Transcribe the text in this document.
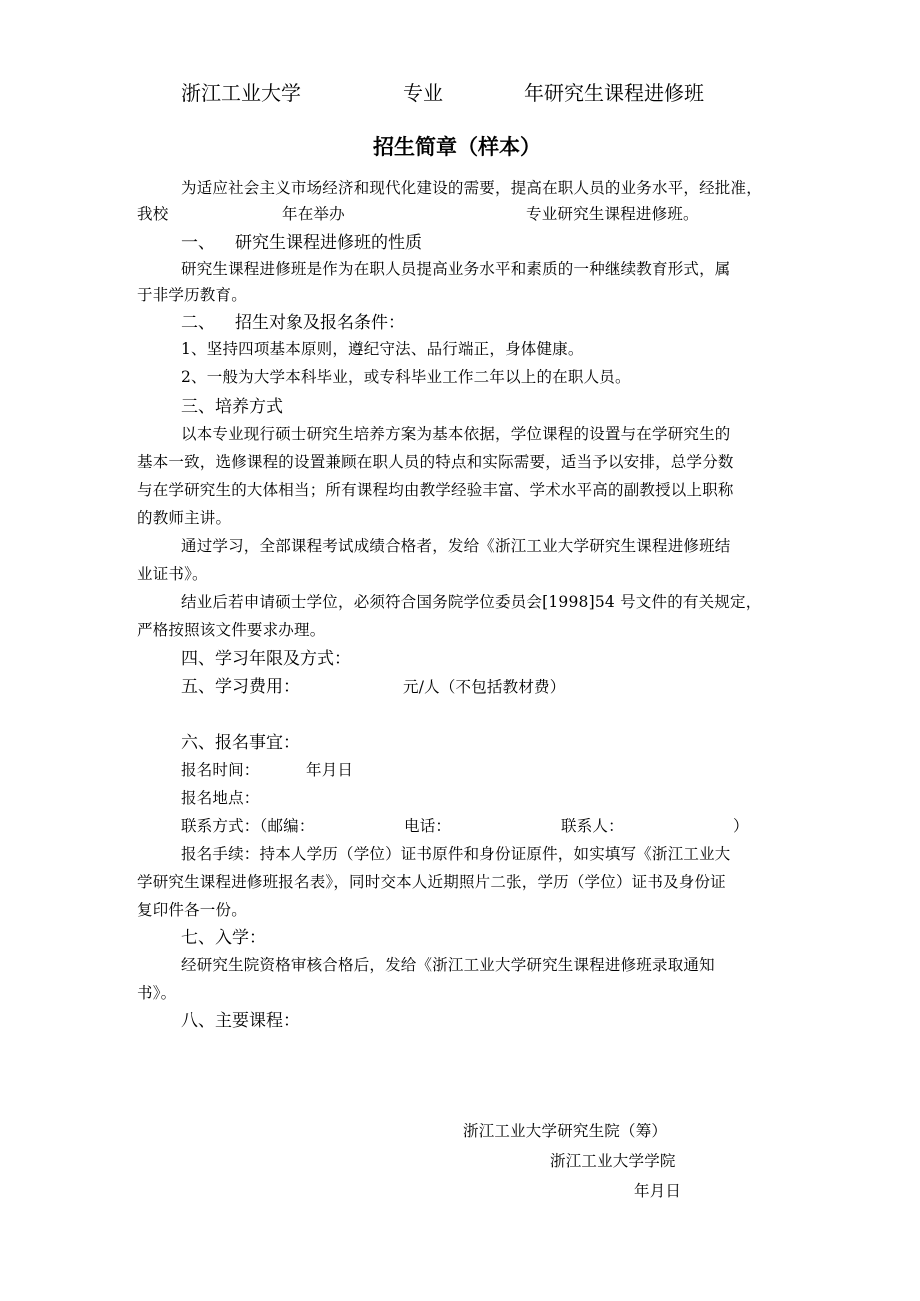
浙江工业大学	专业	年研究生课程进修班
招生简章（样本）
为适应社会主义市场经济和现代化建设的需要，提高在职人员的业务水平，经批准，
我校	年在举办	专业研究生课程进修班。
一、 研究生课程进修班的性质
研究生课程进修班是作为在职人员提高业务水平和素质的一种继续教育形式，属
于非学历教育。
二、 招生对象及报名条件：
1、坚持四项基本原则，遵纪守法、品行端正，身体健康。
2、一般为大学本科毕业，或专科毕业工作二年以上的在职人员。
三、培养方式
以本专业现行硕士研究生培养方案为基本依据，学位课程的设置与在学研究生的
基本一致，选修课程的设置兼顾在职人员的特点和实际需要，适当予以安排，总学分数
与在学研究生的大体相当；所有课程均由教学经验丰富、学术水平高的副教授以上职称
的教师主讲。
通过学习，全部课程考试成绩合格者，发给《浙江工业大学研究生课程进修班结
业证书》。
结业后若申请硕士学位，必须符合国务院学位委员会[1998]54 号文件的有关规定，
严格按照该文件要求办理。
四、学习年限及方式：
五、学习费用：	元/人（不包括教材费）
六、报名事宜：
报名时间：	年月日
报名地点：
联系方式：（邮编：	电话：	联系人：	）
报名手续：持本人学历（学位）证书原件和身份证原件，如实填写《浙江工业大
学研究生课程进修班报名表》，同时交本人近期照片二张，学历（学位）证书及身份证
复印件各一份。
七、入学：
经研究生院资格审核合格后，发给《浙江工业大学研究生课程进修班录取通知
书》。
八、主要课程：
浙江工业大学研究生院（筹）
浙江工业大学学院
年月日
